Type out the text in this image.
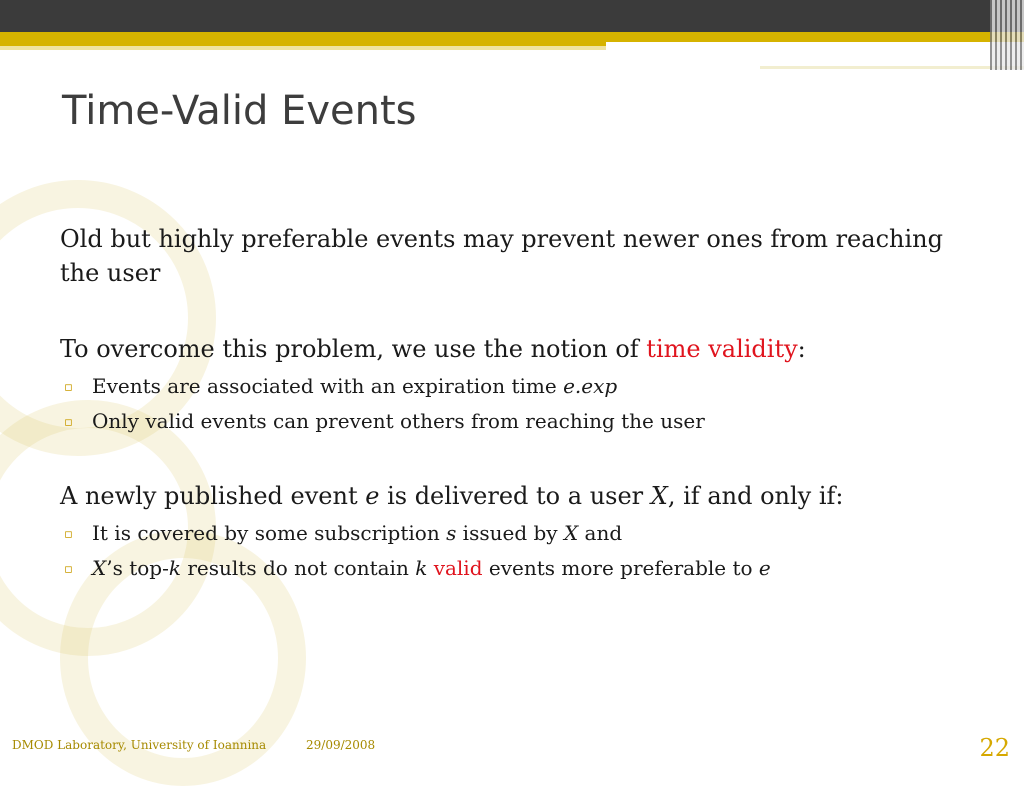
Time-Valid Events

Old but highly preferable events may prevent newer ones from reaching the user

To overcome this problem, we use the notion of time validity:

▫ Events are associated with an expiration time e.exp
▫ Only valid events can prevent others from reaching the user

A newly published event e is delivered to a user X, if and only if:

▫ It is covered by some subscription s issued by X and
▫ X’s top-k results do not contain k valid events more preferable to e
DMOD Laboratory, University of Ioannina	29/09/2008	22
